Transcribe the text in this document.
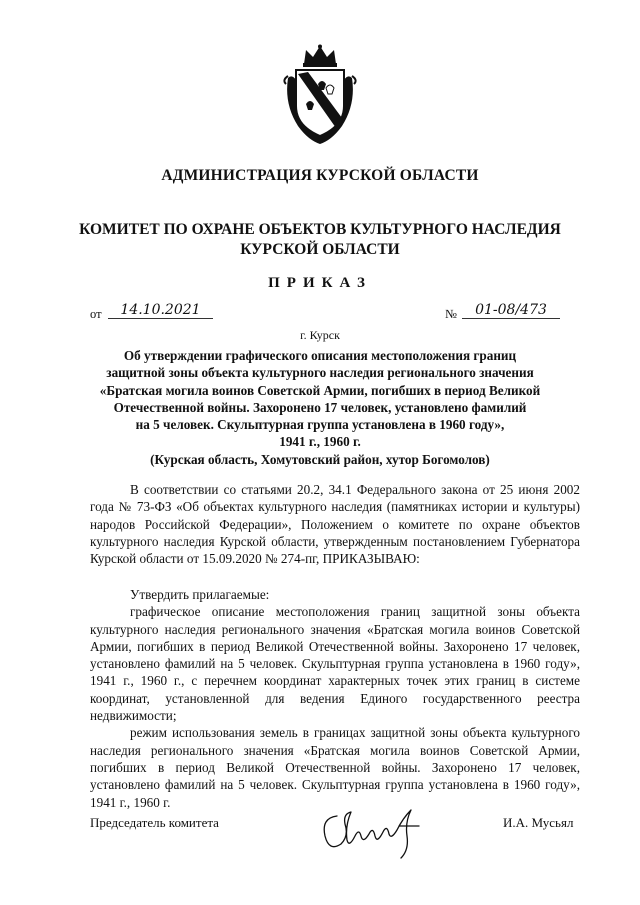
АДМИНИСТРАЦИЯ КУРСКОЙ ОБЛАСТИ
КОМИТЕТ ПО ОХРАНЕ ОБЪЕКТОВ КУЛЬТУРНОГО НАСЛЕДИЯ
КУРСКОЙ ОБЛАСТИ
ПРИКАЗ
от	14.10.2021	№	01-08/473
г. Курск
Об утверждении графического описания местоположения границ
защитной зоны объекта культурного наследия регионального значения
«Братская могила воинов Советской Армии, погибших в период Великой
Отечественной войны. Захоронено 17 человек, установлено фамилий
на 5 человек. Скульптурная группа установлена в 1960 году»,
1941 г., 1960 г.
(Курская область, Хомутовский район, хутор Богомолов)

В соответствии со статьями 20.2, 34.1 Федерального закона от 25 июня 2002 года № 73-ФЗ «Об объектах культурного наследия (памятниках истории и культуры) народов Российской Федерации», Положением о комитете по охране объектов культурного наследия Курской области, утвержденным постановлением Губернатора Курской области от 15.09.2020 № 274-пг, ПРИКАЗЫВАЮ:

Утвердить прилагаемые:

графическое описание местоположения границ защитной зоны объекта культурного наследия регионального значения «Братская могила воинов Советской Армии, погибших в период Великой Отечественной войны. Захоронено 17 человек, установлено фамилий на 5 человек. Скульптурная группа установлена в 1960 году», 1941 г., 1960 г., с перечнем координат характерных точек этих границ в системе координат, установленной для ведения Единого государственного реестра недвижимости;

режим использования земель в границах защитной зоны объекта культурного наследия регионального значения «Братская могила воинов Советской Армии, погибших в период Великой Отечественной войны. Захоронено 17 человек, установлено фамилий на 5 человек. Скульптурная группа установлена в 1960 году», 1941 г., 1960 г.

Председатель комитета	И.А. Мусьял
